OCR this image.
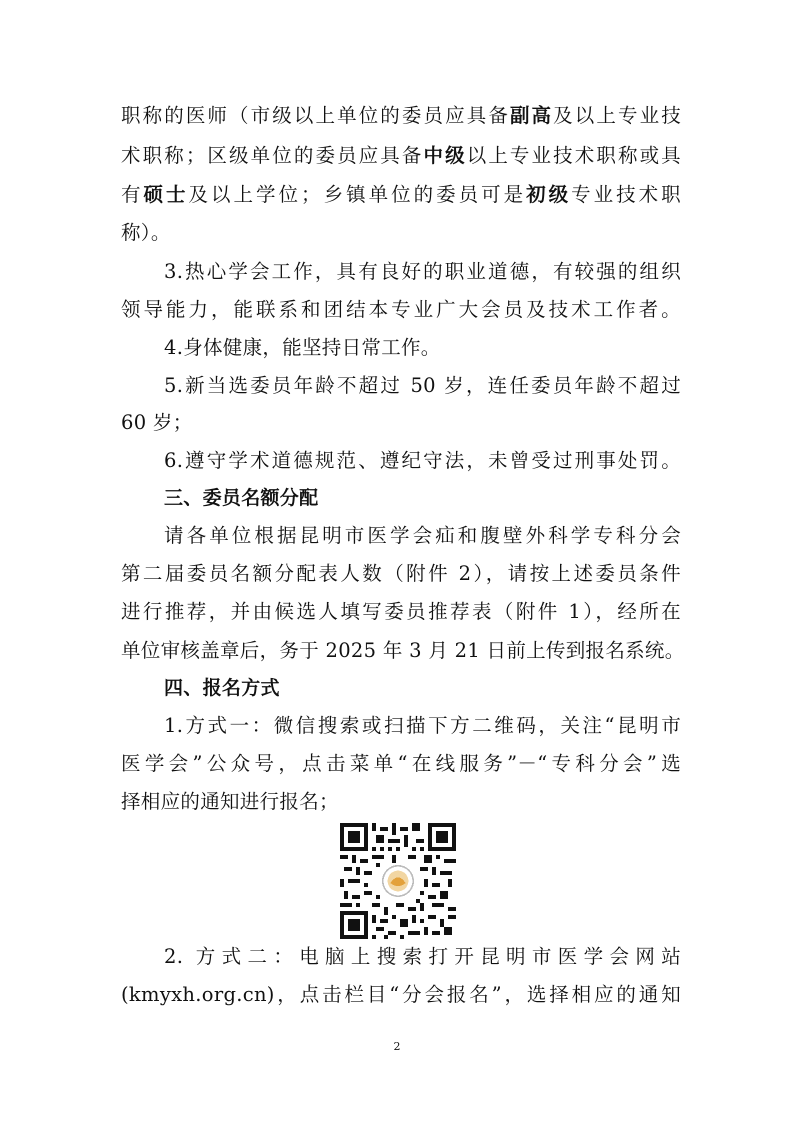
职称的医师（市级以上单位的委员应具备副高及以上专业技
术职称；区级单位的委员应具备中级以上专业技术职称或具
有硕士及以上学位；乡镇单位的委员可是初级专业技术职
称）。
3.热心学会工作，具有良好的职业道德，有较强的组织
领导能力，能联系和团结本专业广大会员及技术工作者。
4.身体健康，能坚持日常工作。
5.新当选委员年龄不超过 50 岁，连任委员年龄不超过
60 岁；
6.遵守学术道德规范、遵纪守法，未曾受过刑事处罚。
三、委员名额分配
请各单位根据昆明市医学会疝和腹壁外科学专科分会
第二届委员名额分配表人数（附件 2），请按上述委员条件
进行推荐，并由候选人填写委员推荐表（附件 1），经所在
单位审核盖章后，务于 2025 年 3 月 21 日前上传到报名系统。
四、报名方式
1.方式一：微信搜索或扫描下方二维码，关注“昆明市
医学会”公众号，点击菜单“在线服务”－“专科分会”选
择相应的通知进行报名；
2. 方式二：电脑上搜索打开昆明市医学会网站
(kmyxh.org.cn)，点击栏目“分会报名”，选择相应的通知
2
